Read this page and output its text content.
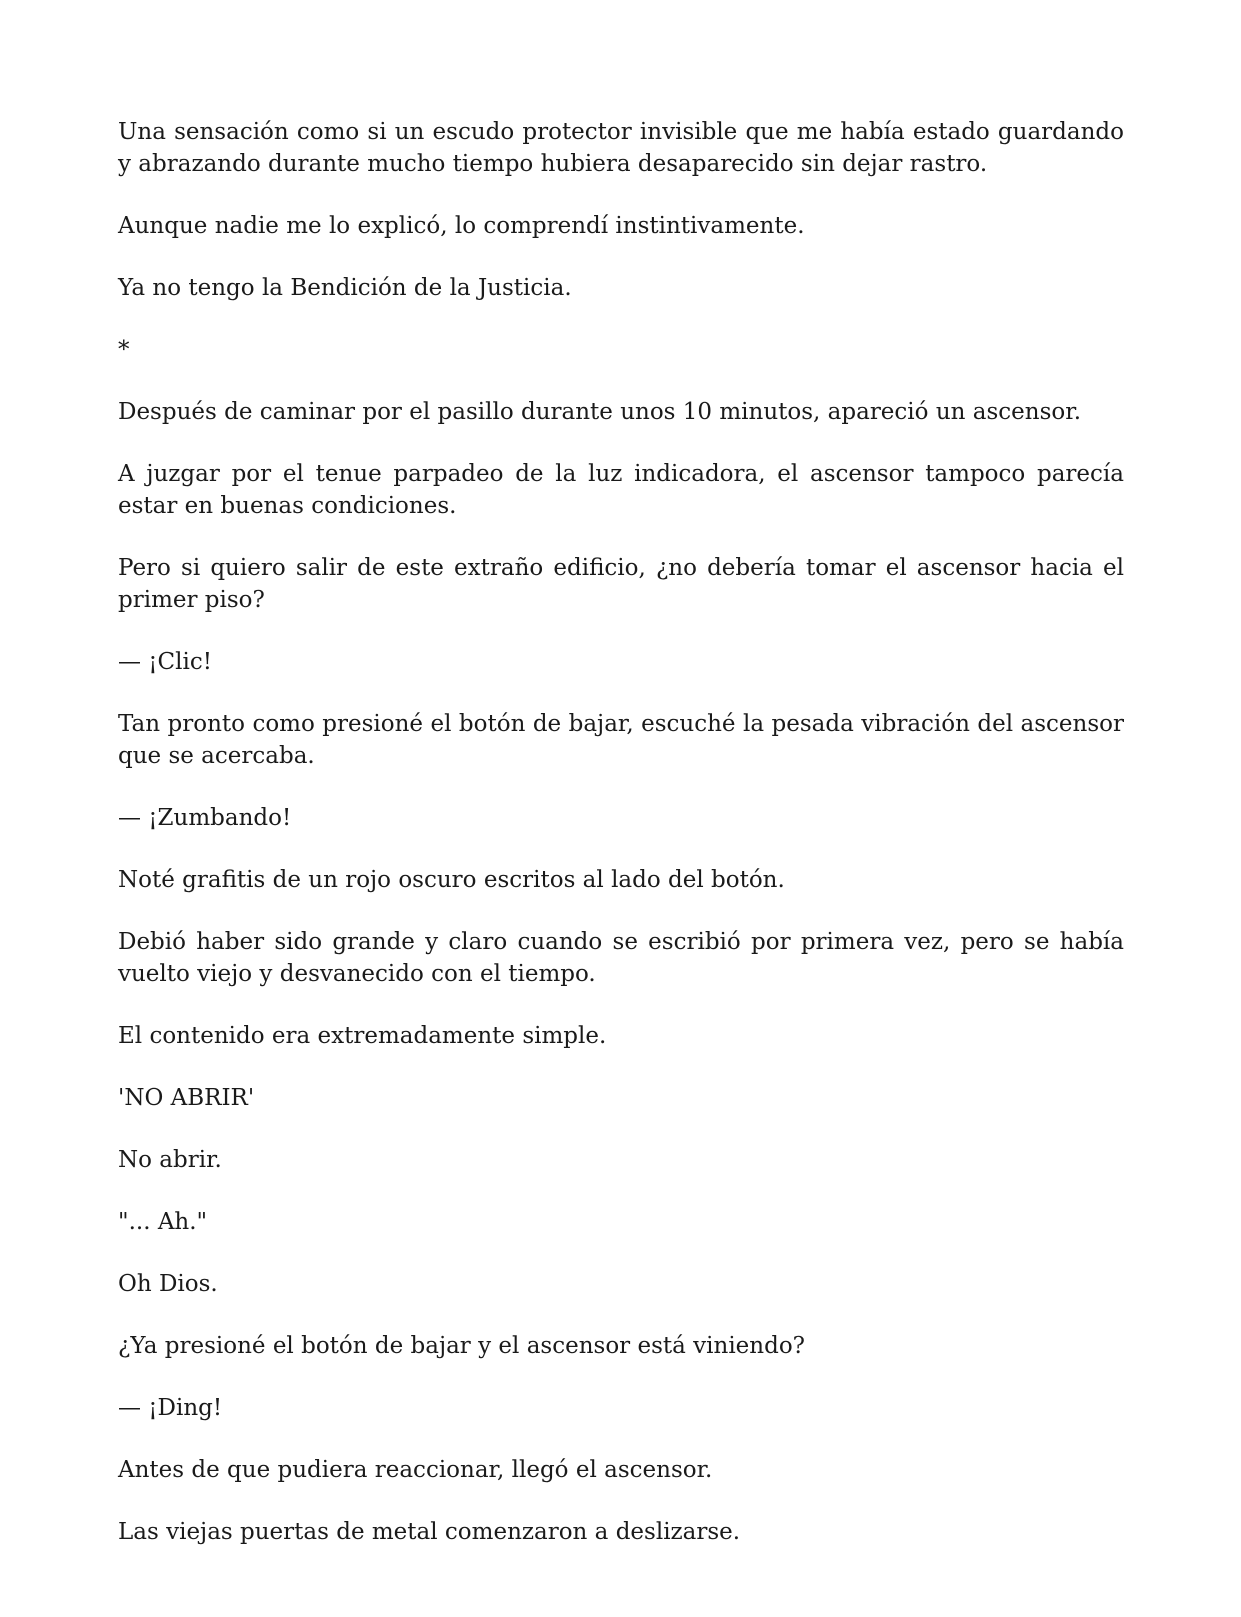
Una sensación como si un escudo protector invisible que me había estado guardando y abrazando durante mucho tiempo hubiera desaparecido sin dejar rastro.

Aunque nadie me lo explicó, lo comprendí instintivamente.

Ya no tengo la Bendición de la Justicia.

*

Después de caminar por el pasillo durante unos 10 minutos, apareció un ascensor.

A juzgar por el tenue parpadeo de la luz indicadora, el ascensor tampoco parecía estar en buenas condiciones.

Pero si quiero salir de este extraño edificio, ¿no debería tomar el ascensor hacia el primer piso?

— ¡Clic!

Tan pronto como presioné el botón de bajar, escuché la pesada vibración del ascensor que se acercaba.

— ¡Zumbando!

Noté grafitis de un rojo oscuro escritos al lado del botón.

Debió haber sido grande y claro cuando se escribió por primera vez, pero se había vuelto viejo y desvanecido con el tiempo.

El contenido era extremadamente simple.

'NO ABRIR'

No abrir.

"... Ah."

Oh Dios.

¿Ya presioné el botón de bajar y el ascensor está viniendo?

— ¡Ding!

Antes de que pudiera reaccionar, llegó el ascensor.

Las viejas puertas de metal comenzaron a deslizarse.
